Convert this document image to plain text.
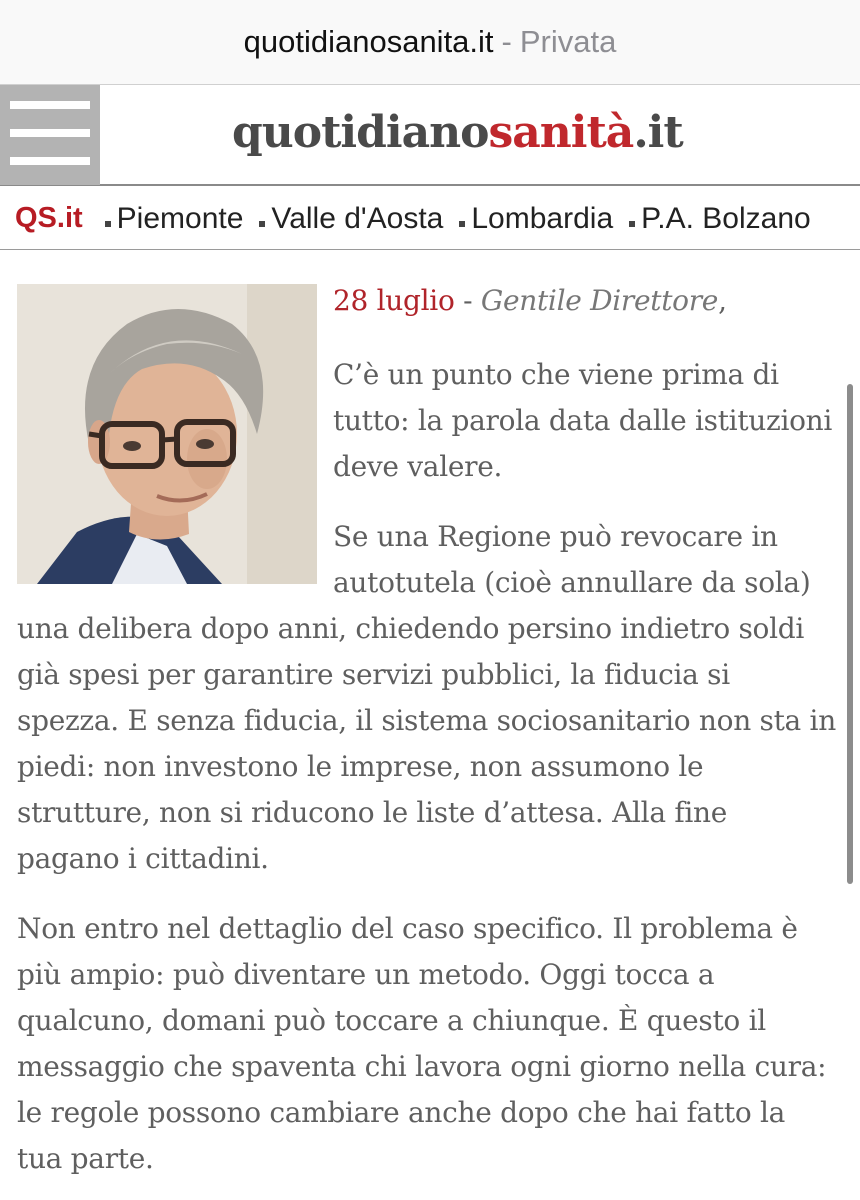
quotidianosanita.it - Privata
quotidianosanità.it
QS.it Piemonte Valle d'Aosta Lombardia P.A. Bolzano

28 luglio - Gentile Direttore,

C’è un punto che viene prima di tutto: la parola data dalle istituzioni deve valere.

Se una Regione può revocare in autotutela (cioè annullare da sola) una delibera dopo anni, chiedendo persino indietro soldi già spesi per garantire servizi pubblici, la fiducia si spezza. E senza fiducia, il sistema sociosanitario non sta in piedi: non investono le imprese, non assumono le strutture, non si riducono le liste d’attesa. Alla fine pagano i cittadini.

Non entro nel dettaglio del caso specifico. Il problema è più ampio: può diventare un metodo. Oggi tocca a qualcuno, domani può toccare a chiunque. È questo il messaggio che spaventa chi lavora ogni giorno nella cura: le regole possono cambiare anche dopo che hai fatto la tua parte.
